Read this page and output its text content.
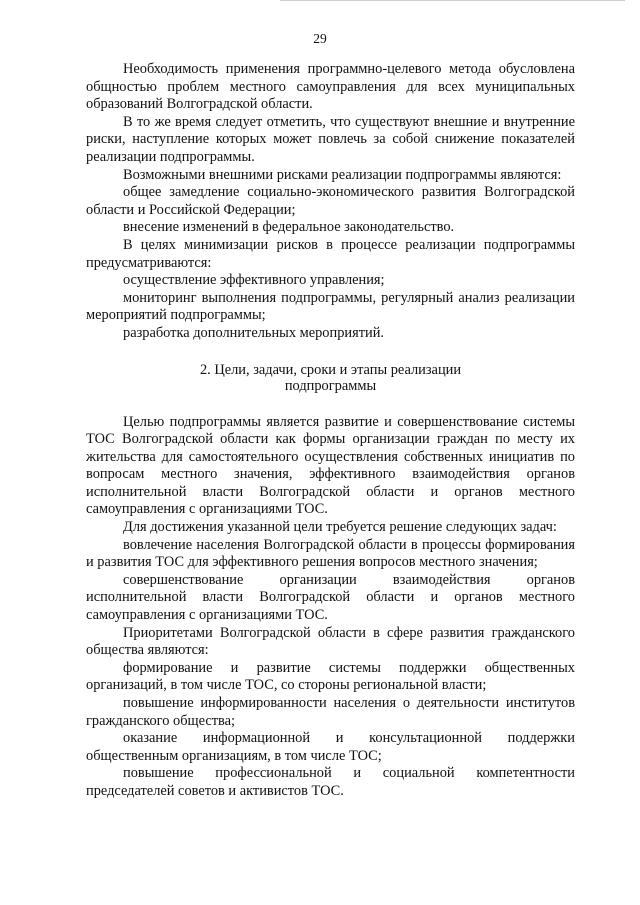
29

Необходимость применения программно-целевого метода обусловлена общностью проблем местного самоуправления для всех муниципальных образований Волгоградской области.

В то же время следует отметить, что существуют внешние и внутренние риски, наступление которых может повлечь за собой снижение показателей реализации подпрограммы.

Возможными внешними рисками реализации подпрограммы являются:

общее замедление социально-экономического развития Волгоградской области и Российской Федерации;

внесение изменений в федеральное законодательство.

В целях минимизации рисков в процессе реализации подпрограммы предусматриваются:

осуществление эффективного управления;

мониторинг выполнения подпрограммы, регулярный анализ реализации мероприятий подпрограммы;

разработка дополнительных мероприятий.

2. Цели, задачи, сроки и этапы реализации
подпрограммы

Целью подпрограммы является развитие и совершенствование системы ТОС Волгоградской области как формы организации граждан по месту их жительства для самостоятельного осуществления собственных инициатив по вопросам местного значения, эффективного взаимодействия органов исполнительной власти Волгоградской области и органов местного самоуправления с организациями ТОС.

Для достижения указанной цели требуется решение следующих задач:

вовлечение населения Волгоградской области в процессы формирования и развития ТОС для эффективного решения вопросов местного значения;

совершенствование организации взаимодействия органов исполнительной власти Волгоградской области и органов местного самоуправления с организациями ТОС.

Приоритетами Волгоградской области в сфере развития гражданского общества являются:

формирование и развитие системы поддержки общественных организаций, в том числе ТОС, со стороны региональной власти;

повышение информированности населения о деятельности институтов гражданского общества;

оказание информационной и консультационной поддержки общественным организациям, в том числе ТОС;

повышение профессиональной и социальной компетентности председателей советов и активистов ТОС.
